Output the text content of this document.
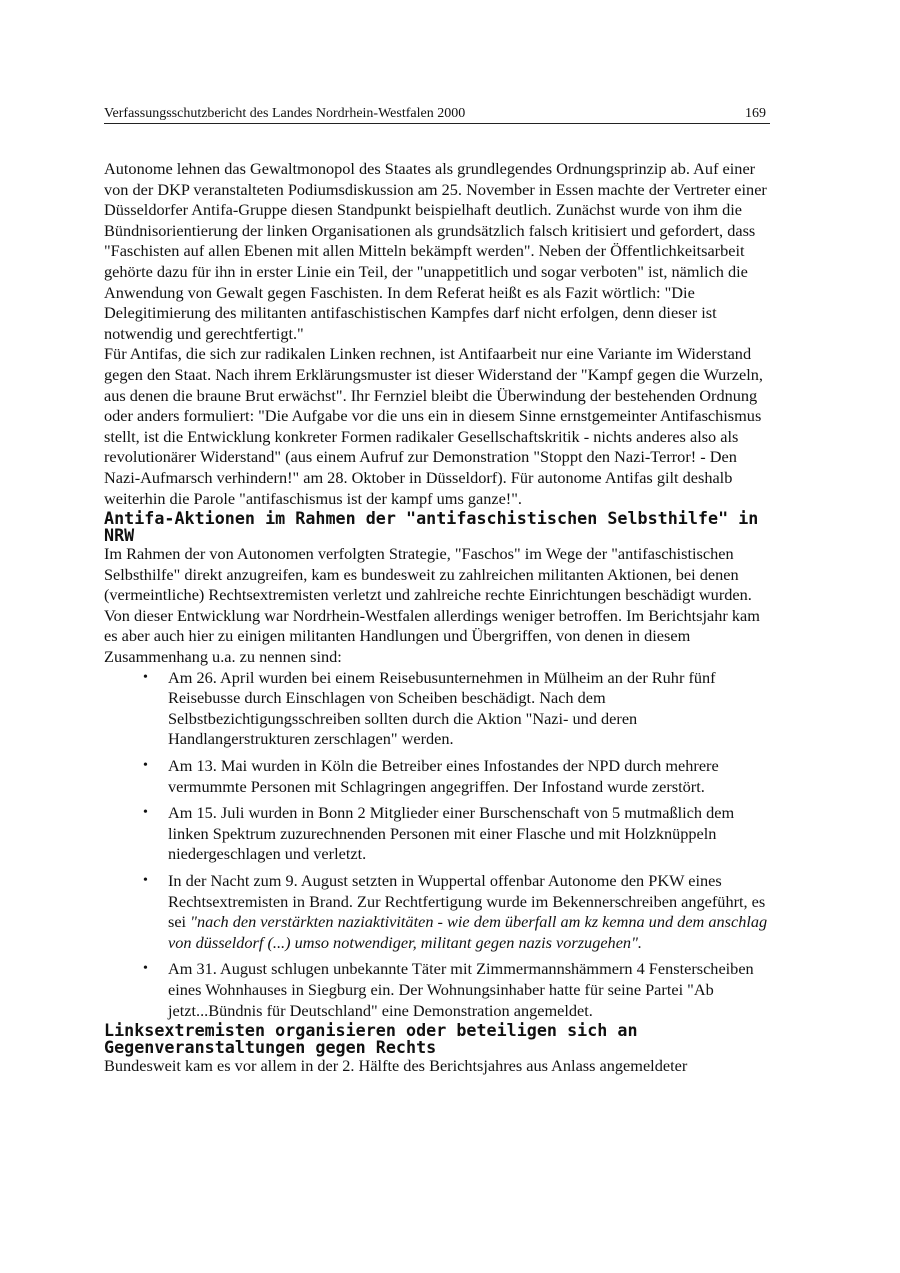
Verfassungsschutzbericht des Landes Nordrhein-Westfalen 2000	169

Autonome lehnen das Gewaltmonopol des Staates als grundlegendes Ordnungsprinzip ab. Auf einer von der DKP veranstalteten Podiumsdiskussion am 25. November in Essen machte der Vertreter einer Düsseldorfer Antifa-Gruppe diesen Standpunkt beispielhaft deutlich. Zunächst wurde von ihm die Bündnisorientierung der linken Organisationen als grundsätzlich falsch kritisiert und gefordert, dass "Faschisten auf allen Ebenen mit allen Mitteln bekämpft werden". Neben der Öffentlichkeitsarbeit gehörte dazu für ihn in erster Linie ein Teil, der "unappetitlich und sogar verboten" ist, nämlich die Anwendung von Gewalt gegen Faschisten. In dem Referat heißt es als Fazit wörtlich: "Die Delegitimierung des militanten antifaschistischen Kampfes darf nicht erfolgen, denn dieser ist notwendig und gerechtfertigt."

Für Antifas, die sich zur radikalen Linken rechnen, ist Antifaarbeit nur eine Variante im Widerstand gegen den Staat. Nach ihrem Erklärungsmuster ist dieser Widerstand der "Kampf gegen die Wurzeln, aus denen die braune Brut erwächst". Ihr Fernziel bleibt die Überwindung der bestehenden Ordnung oder anders formuliert: "Die Aufgabe vor die uns ein in diesem Sinne ernstgemeinter Antifaschismus stellt, ist die Entwicklung konkreter Formen radikaler Gesellschaftskritik - nichts anderes also als revolutionärer Widerstand" (aus einem Aufruf zur Demonstration "Stoppt den Nazi-Terror! - Den Nazi-Aufmarsch verhindern!" am 28. Oktober in Düsseldorf). Für autonome Antifas gilt deshalb weiterhin die Parole "antifaschismus ist der kampf ums ganze!".

Antifa-Aktionen im Rahmen der "antifaschistischen Selbsthilfe" in NRW

Im Rahmen der von Autonomen verfolgten Strategie, "Faschos" im Wege der "antifaschistischen Selbsthilfe" direkt anzugreifen, kam es bundesweit zu zahlreichen militanten Aktionen, bei denen (vermeintliche) Rechtsextremisten verletzt und zahlreiche rechte Einrichtungen beschädigt wurden. Von dieser Entwicklung war Nordrhein-Westfalen allerdings weniger betroffen. Im Berichtsjahr kam es aber auch hier zu einigen militanten Handlungen und Übergriffen, von denen in diesem Zusammenhang u.a. zu nennen sind:

• Am 26. April wurden bei einem Reisebusunternehmen in Mülheim an der Ruhr fünf Reisebusse durch Einschlagen von Scheiben beschädigt. Nach dem Selbstbezichtigungsschreiben sollten durch die Aktion "Nazi- und deren Handlangerstrukturen zerschlagen" werden.
• Am 13. Mai wurden in Köln die Betreiber eines Infostandes der NPD durch mehrere vermummte Personen mit Schlagringen angegriffen. Der Infostand wurde zerstört.
• Am 15. Juli wurden in Bonn 2 Mitglieder einer Burschenschaft von 5 mutmaßlich dem linken Spektrum zuzurechnenden Personen mit einer Flasche und mit Holzknüppeln niedergeschlagen und verletzt.
• In der Nacht zum 9. August setzten in Wuppertal offenbar Autonome den PKW eines Rechtsextremisten in Brand. Zur Rechtfertigung wurde im Bekennerschreiben angeführt, es sei "nach den verstärkten naziaktivitäten - wie dem überfall am kz kemna und dem anschlag von düsseldorf (...) umso notwendiger, militant gegen nazis vorzugehen".
• Am 31. August schlugen unbekannte Täter mit Zimmermannshämmern 4 Fensterscheiben eines Wohnhauses in Siegburg ein. Der Wohnungsinhaber hatte für seine Partei "Ab jetzt...Bündnis für Deutschland" eine Demonstration angemeldet.
Linksextremisten organisieren oder beteiligen sich an Gegenveranstaltungen gegen Rechts

Bundesweit kam es vor allem in der 2. Hälfte des Berichtsjahres aus Anlass angemeldeter
